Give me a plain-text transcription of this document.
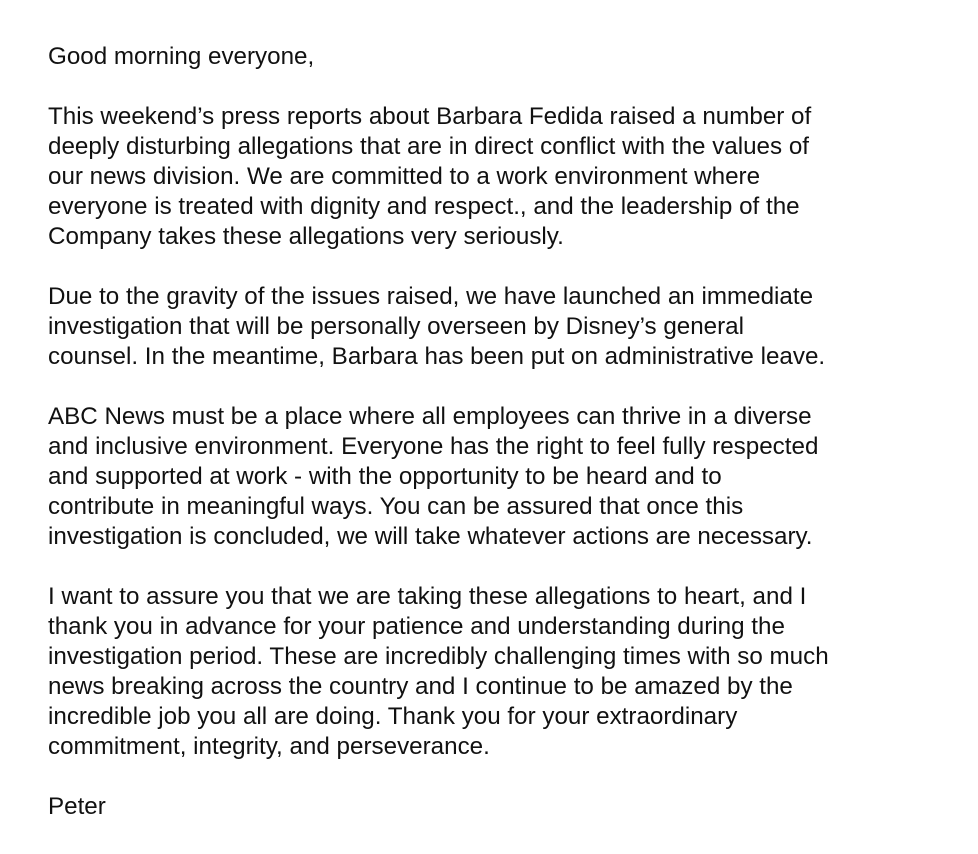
Good morning everyone,
This weekend’s press reports about Barbara Fedida raised a number of
deeply disturbing allegations that are in direct conflict with the values of
our news division. We are committed to a work environment where
everyone is treated with dignity and respect., and the leadership of the
Company takes these allegations very seriously.
Due to the gravity of the issues raised, we have launched an immediate
investigation that will be personally overseen by Disney’s general
counsel. In the meantime, Barbara has been put on administrative leave.
ABC News must be a place where all employees can thrive in a diverse
and inclusive environment. Everyone has the right to feel fully respected
and supported at work - with the opportunity to be heard and to
contribute in meaningful ways. You can be assured that once this
investigation is concluded, we will take whatever actions are necessary.
I want to assure you that we are taking these allegations to heart, and I
thank you in advance for your patience and understanding during the
investigation period. These are incredibly challenging times with so much
news breaking across the country and I continue to be amazed by the
incredible job you all are doing. Thank you for your extraordinary
commitment, integrity, and perseverance.
Peter
